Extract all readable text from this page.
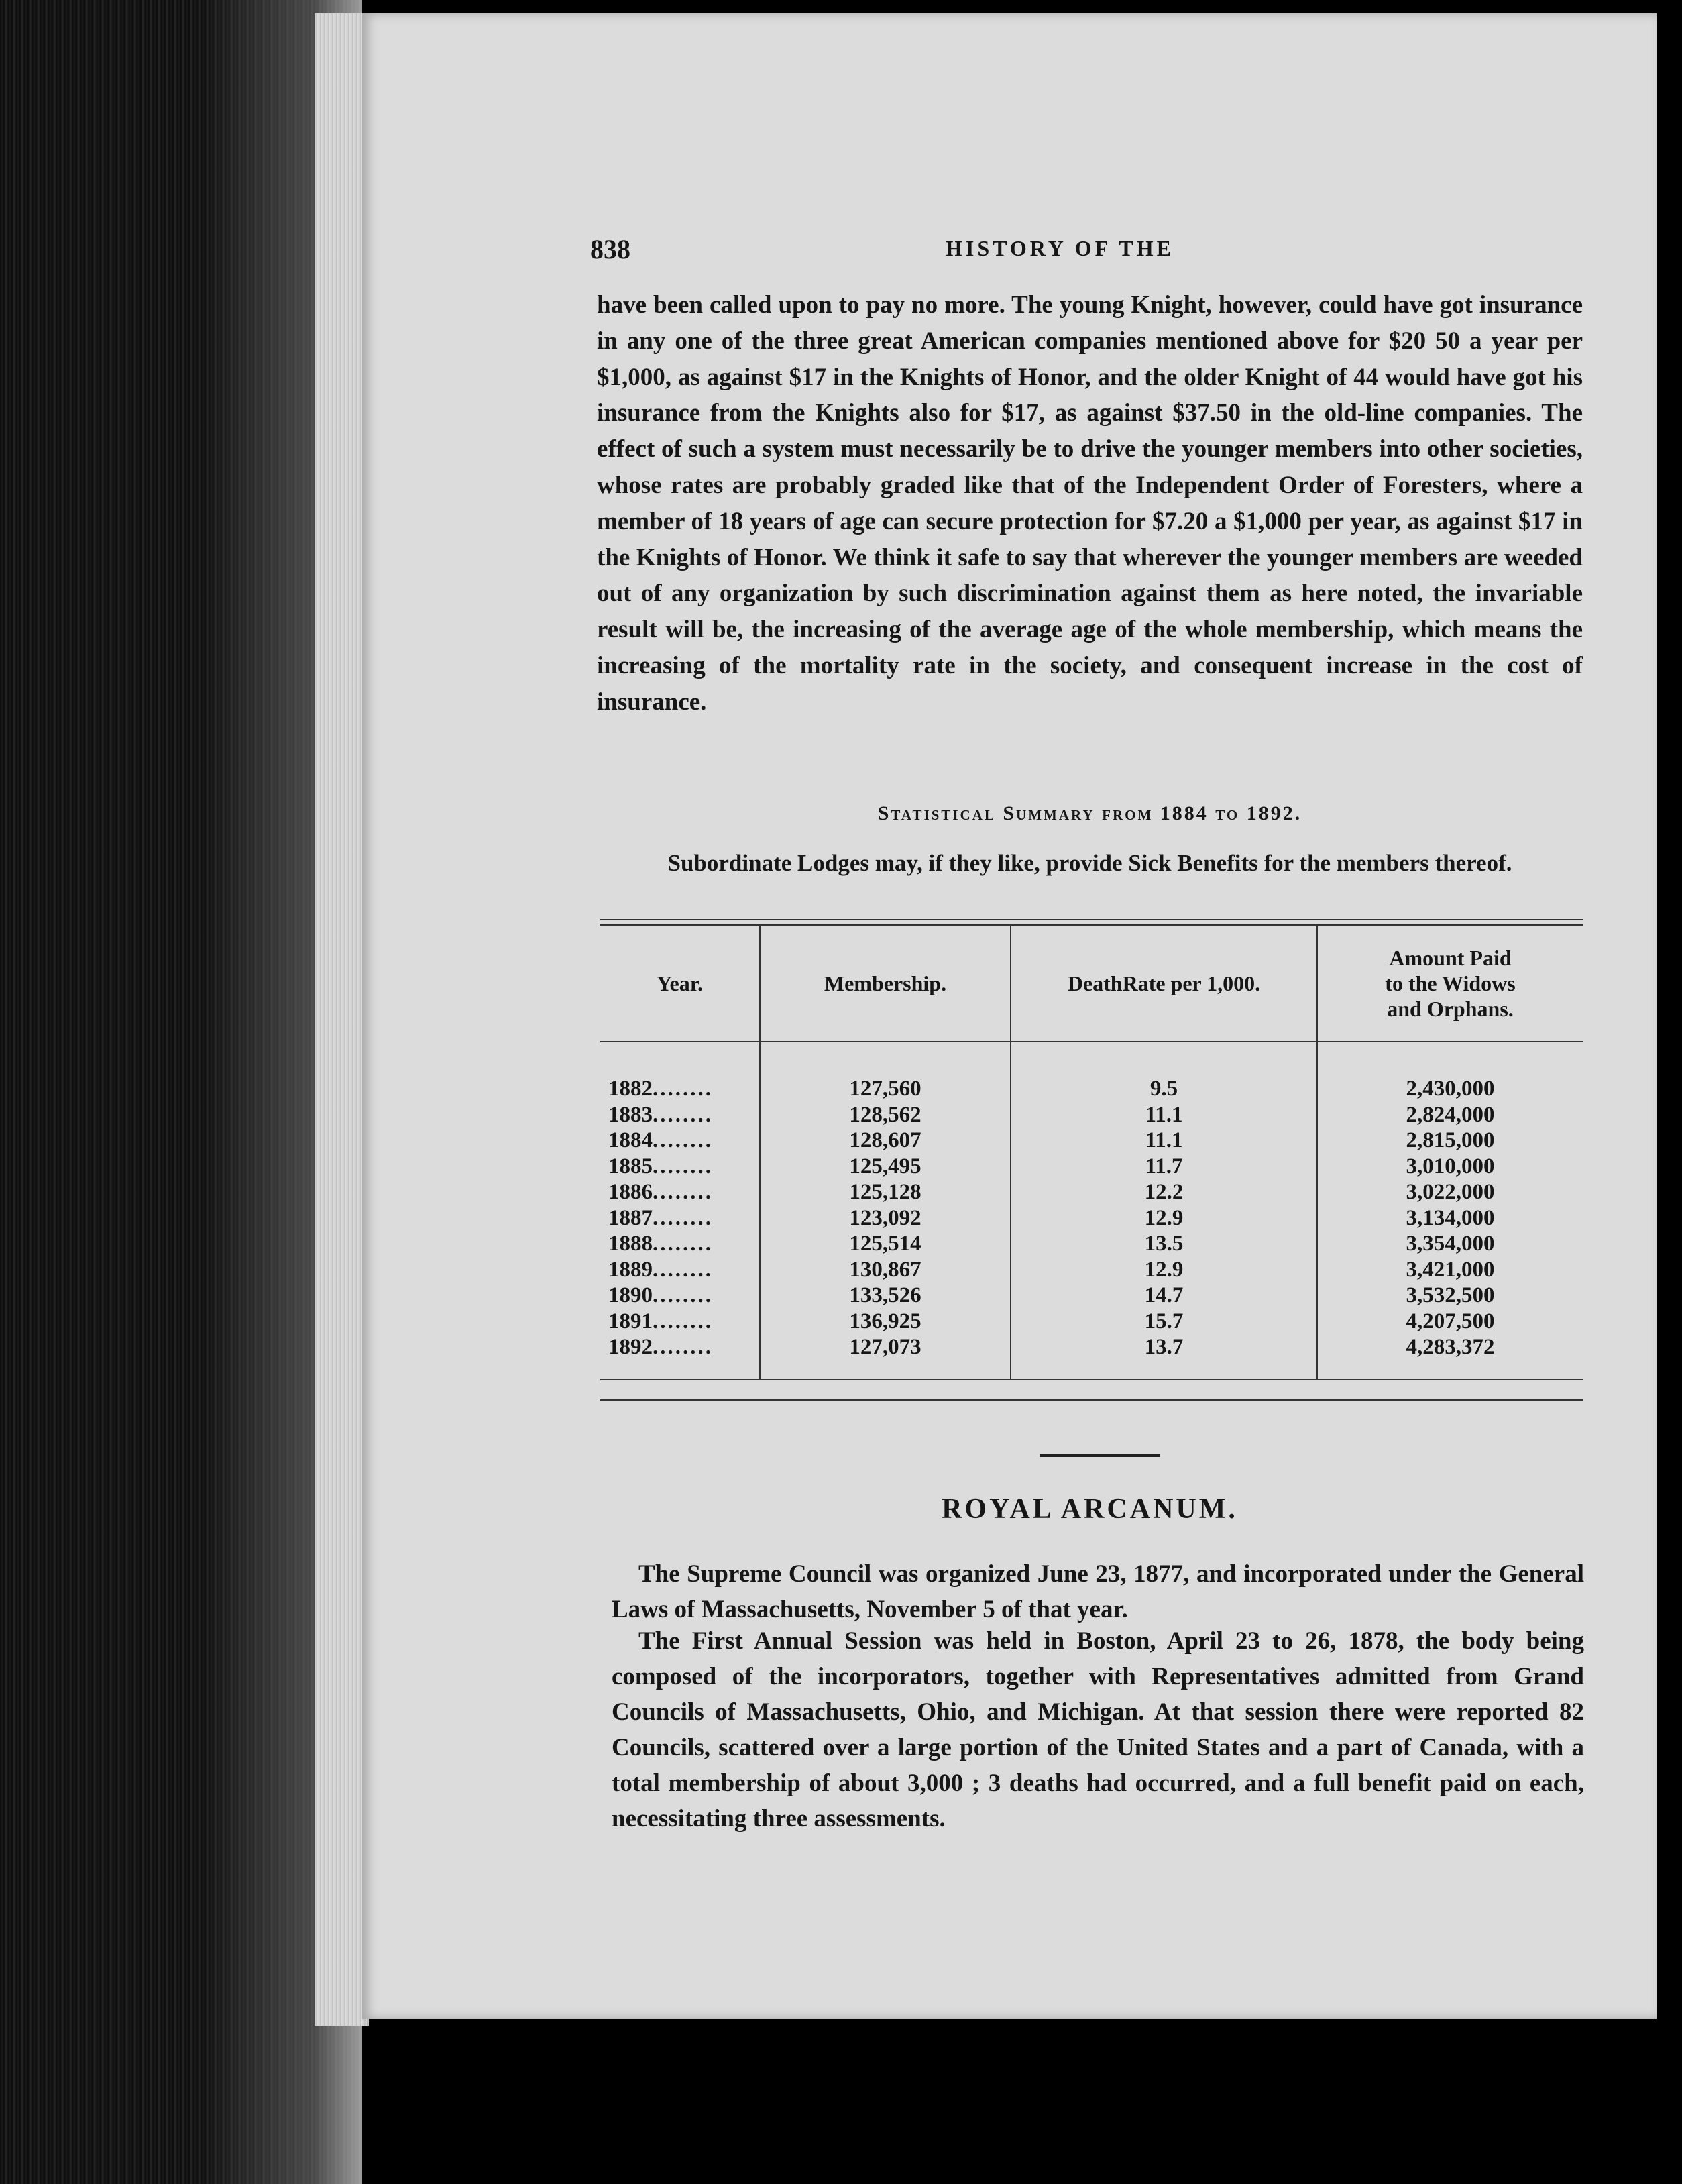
838	HISTORY OF THE

have been called upon to pay no more. The young Knight, however, could have got insurance in any one of the three great American companies mentioned above for $20 50 a year per $1,000, as against $17 in the Knights of Honor, and the older Knight of 44 would have got his insurance from the Knights also for $17, as against $37.50 in the old-line companies. The effect of such a system must necessarily be to drive the younger members into other societies, whose rates are probably graded like that of the Independent Order of Foresters, where a member of 18 years of age can secure protection for $7.20 a $1,000 per year, as against $17 in the Knights of Honor. We think it safe to say that wherever the younger members are weeded out of any organization by such discrimination against them as here noted, the invariable result will be, the increasing of the average age of the whole membership, which means the increasing of the mortality rate in the society, and consequent increase in the cost of insurance.

Statistical Summary from 1884 to 1892.

Subordinate Lodges may, if they like, provide Sick Benefits for the members thereof.

Year.	Membership.	DeathRate per 1,000.	Amount Paid to the Widows and Orphans.

1882........	127,560	9.5	2,430,000
1883........	128,562	11.1	2,824,000
1884........	128,607	11.1	2,815,000
1885........	125,495	11.7	3,010,000
1886........	125,128	12.2	3,022,000
1887........	123,092	12.9	3,134,000
1888........	125,514	13.5	3,354,000
1889........	130,867	12.9	3,421,000
1890........	133,526	14.7	3,532,500
1891........	136,925	15.7	4,207,500
1892........	127,073	13.7	4,283,372

ROYAL ARCANUM.

The Supreme Council was organized June 23, 1877, and incorporated under the General Laws of Massachusetts, November 5 of that year.

The First Annual Session was held in Boston, April 23 to 26, 1878, the body being composed of the incorporators, together with Representatives admitted from Grand Councils of Massachusetts, Ohio, and Michigan. At that session there were reported 82 Councils, scattered over a large portion of the United States and a part of Canada, with a total membership of about 3,000 ; 3 deaths had occurred, and a full benefit paid on each, necessitating three assessments.
